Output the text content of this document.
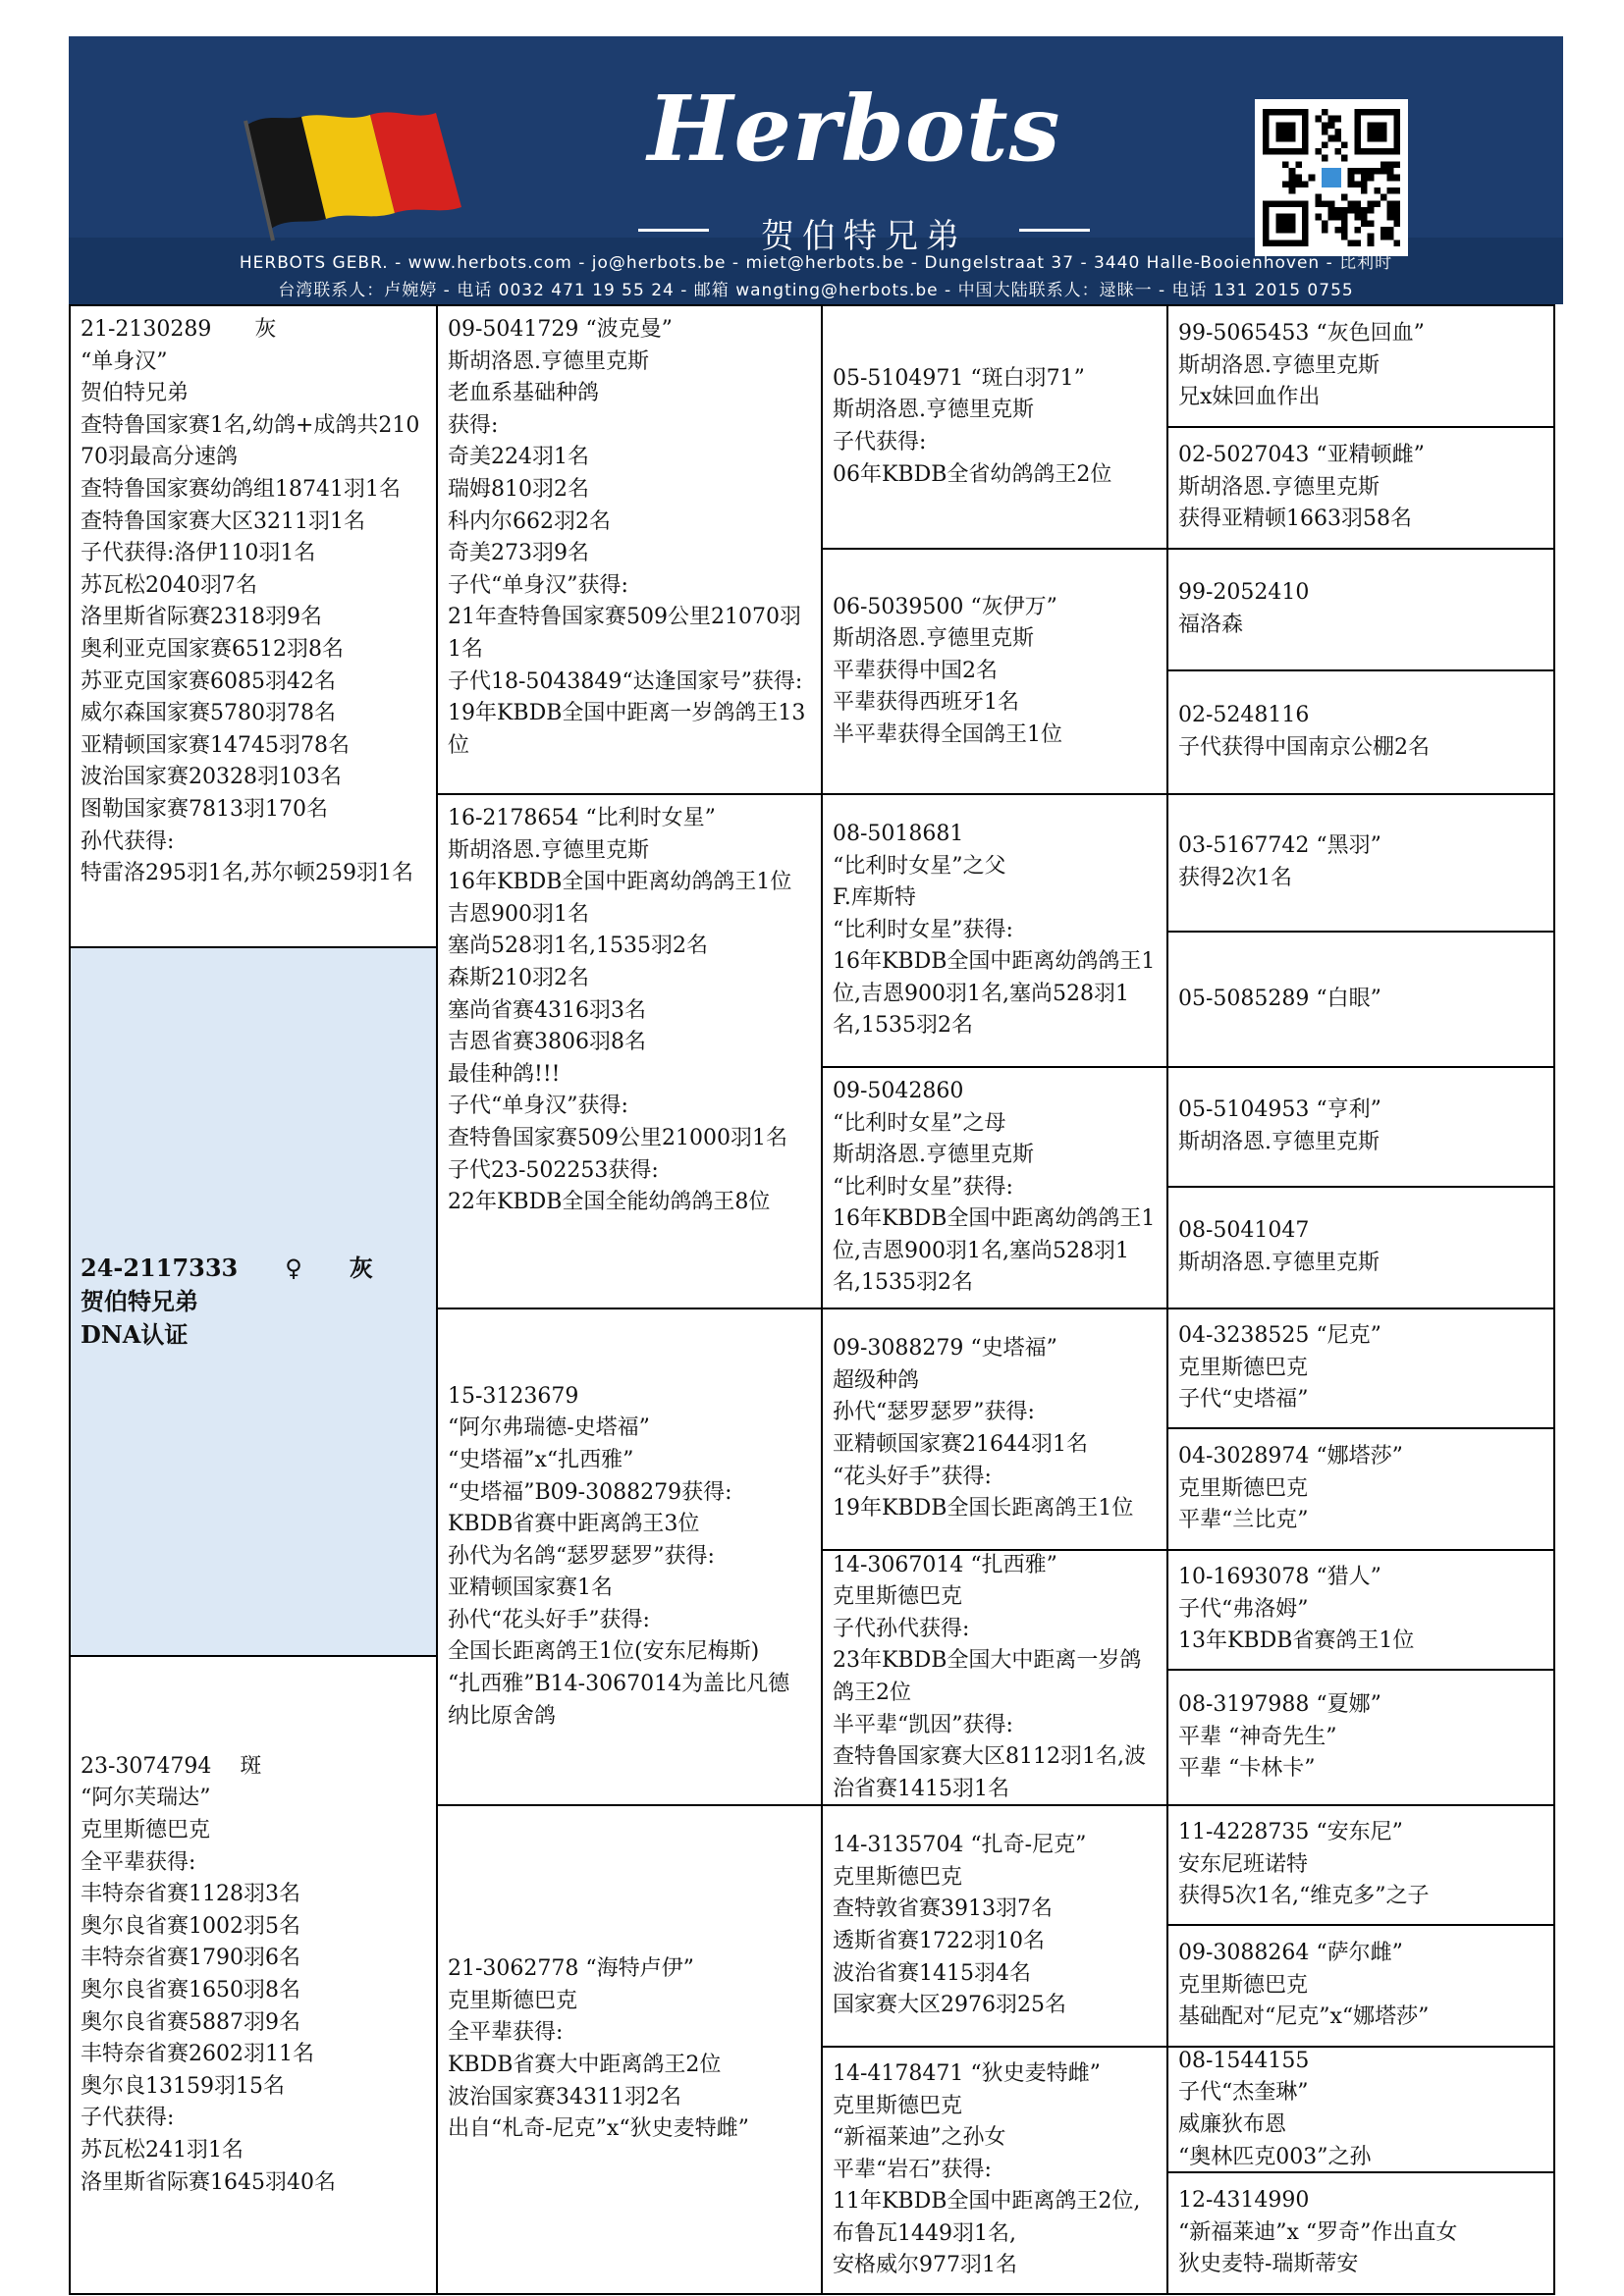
Herbots
贺伯特兄弟
HERBOTS GEBR. - www.herbots.com - jo@herbots.be - miet@herbots.be - Dungelstraat 37 - 3440 Halle-Booienhoven - 比利时
台湾联系人：卢婉婷 - 电话 0032 471 19 55 24 - 邮箱 wangting@herbots.be - 中国大陆联系人：逯睐一 - 电话 131 2015 0755
21-2130289　　灰
“单身汉”
贺伯特兄弟
查特鲁国家赛1名,幼鸽+成鸽共21070羽最高分速鸽
查特鲁国家赛幼鸽组18741羽1名
查特鲁国家赛大区3211羽1名
子代获得:洛伊110羽1名
苏瓦松2040羽7名
洛里斯省际赛2318羽9名
奥利亚克国家赛6512羽8名
苏亚克国家赛6085羽42名
威尔森国家赛5780羽78名
亚精顿国家赛14745羽78名
波治国家赛20328羽103名
图勒国家赛7813羽170名
孙代获得:
特雷洛295羽1名,苏尔顿259羽1名
24-2117333　　♀　　灰
贺伯特兄弟
DNA认证
23-3074794　 斑
“阿尔芙瑞达”
克里斯德巴克
全平辈获得:
丰特奈省赛1128羽3名
奥尔良省赛1002羽5名
丰特奈省赛1790羽6名
奥尔良省赛1650羽8名
奥尔良省赛5887羽9名
丰特奈省赛2602羽11名
奥尔良13159羽15名
子代获得:
苏瓦松241羽1名
洛里斯省际赛1645羽40名
09-5041729 “波克曼”
斯胡洛恩.亨德里克斯
老血系基础种鸽
获得:
奇美224羽1名
瑞姆810羽2名
科内尔662羽2名
奇美273羽9名
子代“单身汉”获得:
21年查特鲁国家赛509公里21070羽1名
子代18-5043849“达逢国家号”获得:
19年KBDB全国中距离一岁鸽鸽王13位
16-2178654 “比利时女星”
斯胡洛恩.亨德里克斯
16年KBDB全国中距离幼鸽鸽王1位
吉恩900羽1名
塞尚528羽1名,1535羽2名
森斯210羽2名
塞尚省赛4316羽3名
吉恩省赛3806羽8名
最佳种鸽!!!
子代“单身汉”获得:
查特鲁国家赛509公里21000羽1名
子代23-502253获得:
22年KBDB全国全能幼鸽鸽王8位
15-3123679
“阿尔弗瑞德-史塔福”
“史塔福”x“扎西雅”
“史塔福”B09-3088279获得:
KBDB省赛中距离鸽王3位
孙代为名鸽“瑟罗瑟罗”获得:
亚精顿国家赛1名
孙代“花头好手”获得:
全国长距离鸽王1位(安东尼梅斯)
“扎西雅”B14-3067014为盖比凡德纳比原舍鸽
21-3062778 “海特卢伊”
克里斯德巴克
全平辈获得:
KBDB省赛大中距离鸽王2位
波治国家赛34311羽2名
出自“札奇-尼克”x“狄史麦特雌”
05-5104971 “斑白羽71”
斯胡洛恩.亨德里克斯
子代获得:
06年KBDB全省幼鸽鸽王2位
06-5039500 “灰伊万”
斯胡洛恩.亨德里克斯
平辈获得中国2名
平辈获得西班牙1名
半平辈获得全国鸽王1位
08-5018681
“比利时女星”之父
F.库斯特
“比利时女星”获得:
16年KBDB全国中距离幼鸽鸽王1位,吉恩900羽1名,塞尚528羽1名,1535羽2名
09-5042860
“比利时女星”之母
斯胡洛恩.亨德里克斯
“比利时女星”获得:
16年KBDB全国中距离幼鸽鸽王1位,吉恩900羽1名,塞尚528羽1名,1535羽2名
09-3088279 “史塔福”
超级种鸽
孙代“瑟罗瑟罗”获得:
亚精顿国家赛21644羽1名
“花头好手”获得:
19年KBDB全国长距离鸽王1位
14-3067014 “扎西雅”
克里斯德巴克
子代孙代获得:
23年KBDB全国大中距离一岁鸽鸽王2位
半平辈“凯因”获得:
查特鲁国家赛大区8112羽1名,波治省赛1415羽1名
14-3135704 “扎奇-尼克”
克里斯德巴克
查特敦省赛3913羽7名
透斯省赛1722羽10名
波治省赛1415羽4名
国家赛大区2976羽25名
14-4178471 “狄史麦特雌”
克里斯德巴克
“新福莱迪”之孙女
平辈“岩石”获得:
11年KBDB全国中距离鸽王2位,布鲁瓦1449羽1名,
安格威尔977羽1名
99-5065453 “灰色回血”
斯胡洛恩.亨德里克斯
兄x妹回血作出
02-5027043 “亚精顿雌”
斯胡洛恩.亨德里克斯
获得亚精顿1663羽58名
99-2052410
福洛森
02-5248116
子代获得中国南京公棚2名
03-5167742 “黑羽”
获得2次1名
05-5085289 “白眼”
05-5104953 “亨利”
斯胡洛恩.亨德里克斯
08-5041047
斯胡洛恩.亨德里克斯
04-3238525 “尼克”
克里斯德巴克
子代“史塔福”
04-3028974 “娜塔莎”
克里斯德巴克
平辈“兰比克”
10-1693078 “猎人”
子代“弗洛姆”
13年KBDB省赛鸽王1位
08-3197988 “夏娜”
平辈 “神奇先生”
平辈 “卡林卡”
11-4228735 “安东尼”
安东尼班诺特
获得5次1名,“维克多”之子
09-3088264 “萨尔雌”
克里斯德巴克
基础配对“尼克”x“娜塔莎”
08-1544155
子代“杰奎琳”
威廉狄布恩
“奥林匹克003”之孙
12-4314990
“新福莱迪”x “罗奇”作出直女
狄史麦特-瑞斯蒂安
